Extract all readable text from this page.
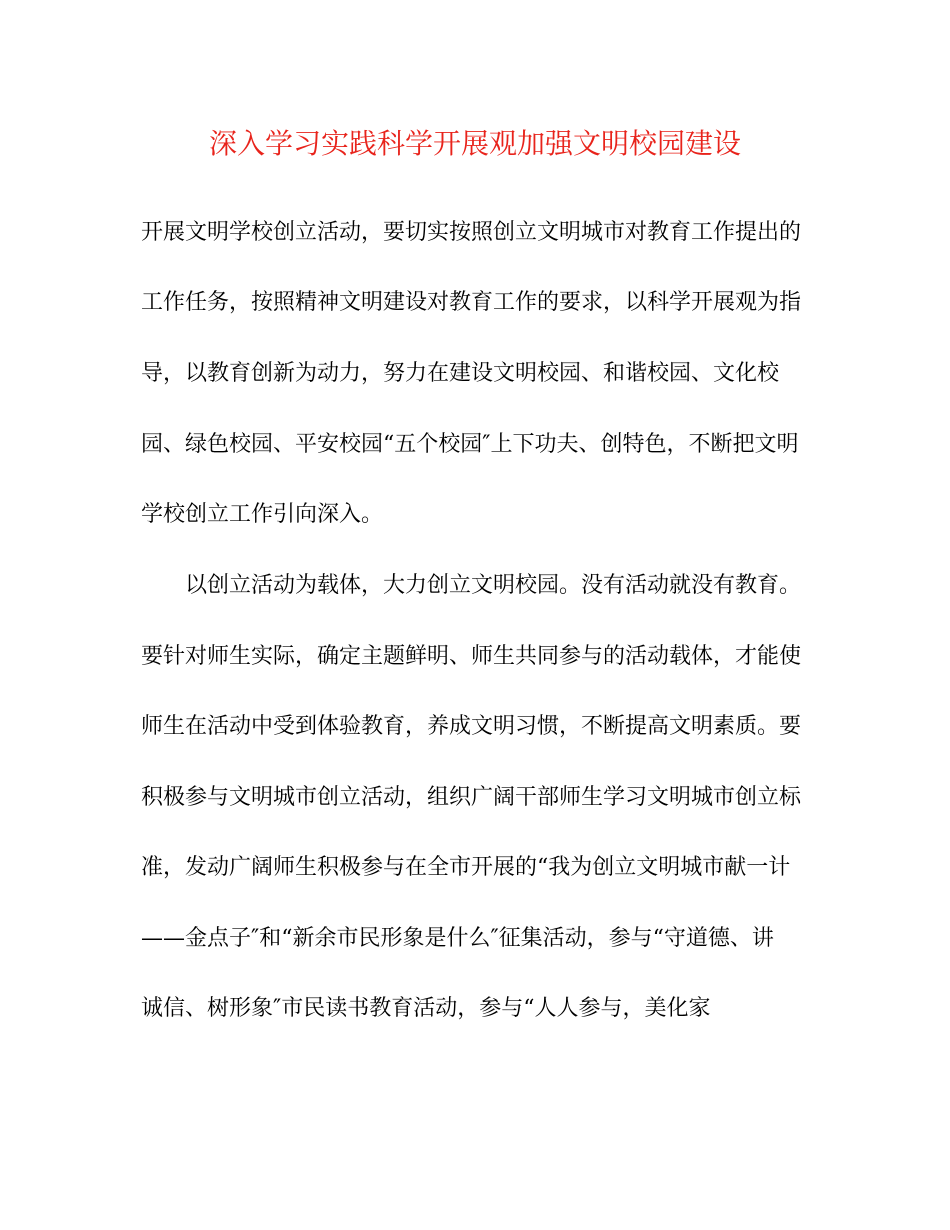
深入学习实践科学开展观加强文明校园建设
开展文明学校创立活动，要切实按照创立文明城市对教育工作提出的
工作任务，按照精神文明建设对教育工作的要求，以科学开展观为指
导，以教育创新为动力，努力在建设文明校园、和谐校园、文化校
园、绿色校园、平安校园“五个校园″上下功夫、创特色，不断把文明
学校创立工作引向深入。
以创立活动为载体，大力创立文明校园。没有活动就没有教育。
要针对师生实际，确定主题鲜明、师生共同参与的活动载体，才能使
师生在活动中受到体验教育，养成文明习惯，不断提高文明素质。要
积极参与文明城市创立活动，组织广阔干部师生学习文明城市创立标
准，发动广阔师生积极参与在全市开展的“我为创立文明城市献一计
——金点子″和“新余市民形象是什么″征集活动，参与“守道德、讲
诚信、树形象″市民读书教育活动，参与“人人参与，美化家
